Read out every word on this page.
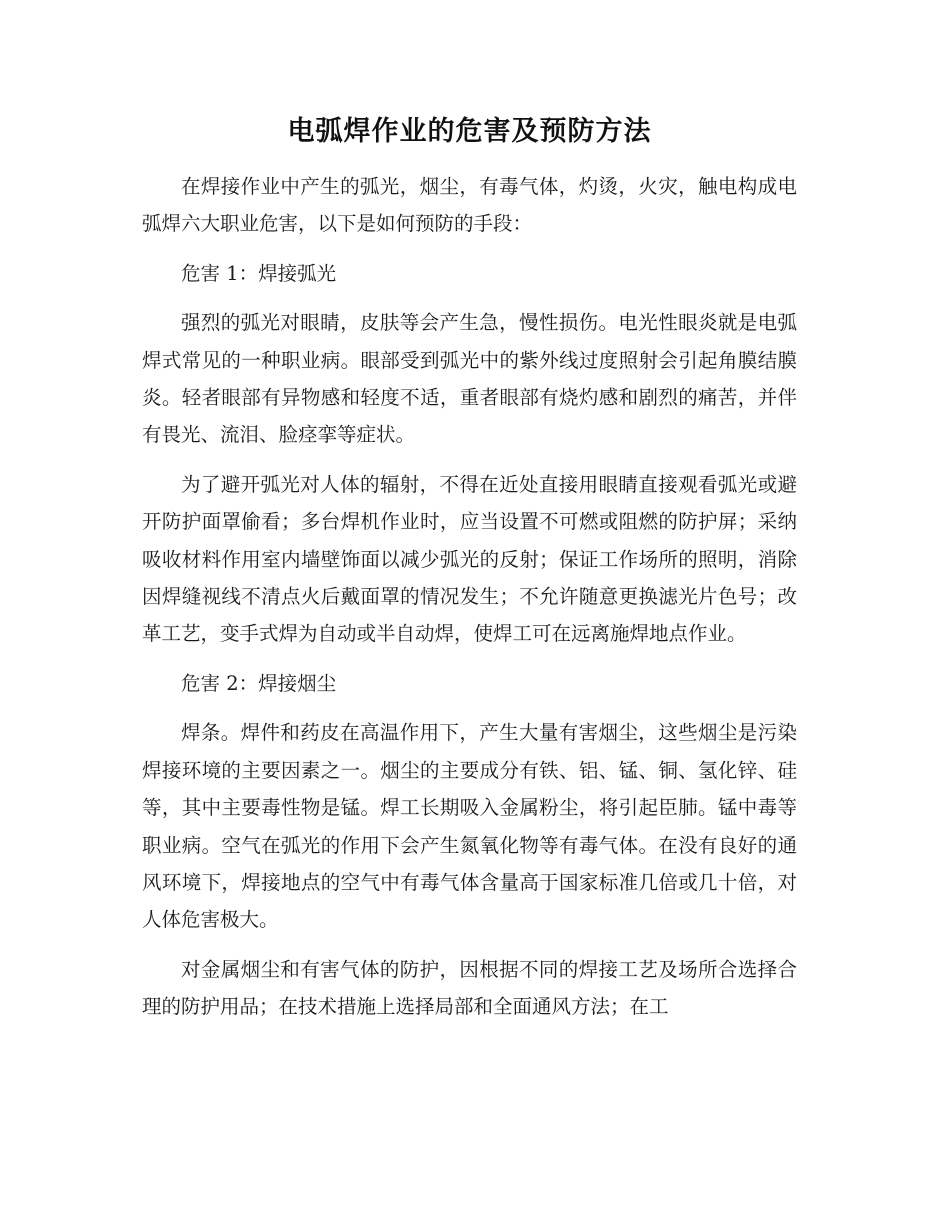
电弧焊作业的危害及预防方法

在焊接作业中产生的弧光，烟尘，有毒气体，灼烫，火灾，触电构成电弧焊六大职业危害，以下是如何预防的手段：

危害 1：焊接弧光

强烈的弧光对眼睛，皮肤等会产生急，慢性损伤。电光性眼炎就是电弧焊式常见的一种职业病。眼部受到弧光中的紫外线过度照射会引起角膜结膜炎。轻者眼部有异物感和轻度不适，重者眼部有烧灼感和剧烈的痛苦，并伴有畏光、流泪、脸痉挛等症状。

为了避开弧光对人体的辐射，不得在近处直接用眼睛直接观看弧光或避开防护面罩偷看；多台焊机作业时，应当设置不可燃或阻燃的防护屏；采纳吸收材料作用室内墙壁饰面以减少弧光的反射；保证工作场所的照明，消除因焊缝视线不清点火后戴面罩的情况发生；不允许随意更换滤光片色号；改革工艺，变手式焊为自动或半自动焊，使焊工可在远离施焊地点作业。

危害 2：焊接烟尘

焊条。焊件和药皮在高温作用下，产生大量有害烟尘，这些烟尘是污染焊接环境的主要因素之一。烟尘的主要成分有铁、铝、锰、铜、氢化锌、硅等，其中主要毒性物是锰。焊工长期吸入金属粉尘，将引起臣肺。锰中毒等职业病。空气在弧光的作用下会产生氮氧化物等有毒气体。在没有良好的通风环境下，焊接地点的空气中有毒气体含量高于国家标准几倍或几十倍，对人体危害极大。

对金属烟尘和有害气体的防护，因根据不同的焊接工艺及场所合选择合理的防护用品；在技术措施上选择局部和全面通风方法；在工
